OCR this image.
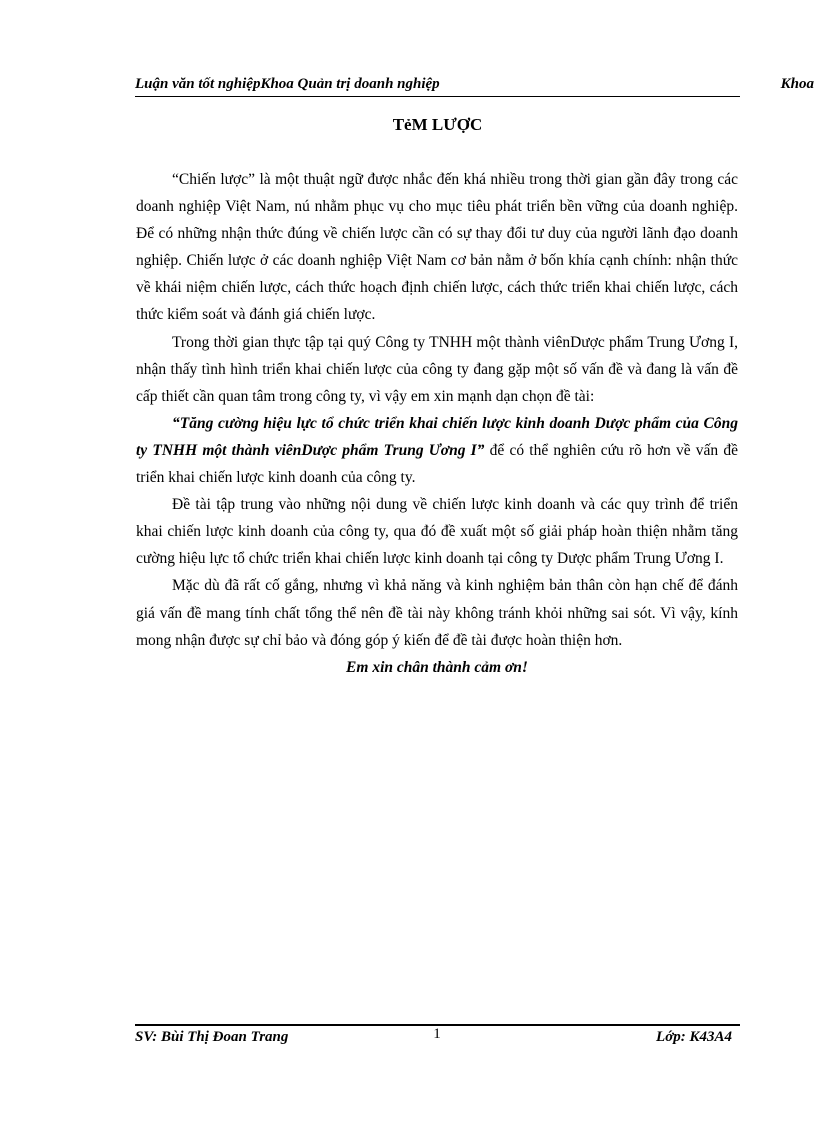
Luận văn tốt nghiệpKhoa Quản trị doanh nghiệp	Khoa
TẻM LƯỢC

“Chiến lược” là một thuật ngữ được nhắc đến khá nhiều trong thời gian gần đây trong các doanh nghiệp Việt Nam, nú nhằm phục vụ cho mục tiêu phát triển bền vững của doanh nghiệp. Để có những nhận thức đúng về chiến lược cần có sự thay đổi tư duy của người lãnh đạo doanh nghiệp. Chiến lược ở các doanh nghiệp Việt Nam cơ bản nằm ở bốn khía cạnh chính: nhận thức về khái niệm chiến lược, cách thức hoạch định chiến lược, cách thức triển khai chiến lược, cách thức kiểm soát và đánh giá chiến lược.

Trong thời gian thực tập tại quý Công ty TNHH một thành viênDược phẩm Trung Ương I, nhận thấy tình hình triển khai chiến lược của công ty đang gặp một số vấn đề và đang là vấn đề cấp thiết cần quan tâm trong công ty, vì vậy em xin mạnh dạn chọn đề tài:

“Tăng cường hiệu lực tổ chức triển khai chiến lược kinh doanh Dược phẩm của Công ty TNHH một thành viênDược phẩm Trung Ương I” để có thể nghiên cứu rõ hơn về vấn đề triển khai chiến lược kinh doanh của công ty.

Đề tài tập trung vào những nội dung về chiến lược kinh doanh và các quy trình để triển khai chiến lược kinh doanh của công ty, qua đó đề xuất một số giải pháp hoàn thiện nhằm tăng cường hiệu lực tổ chức triển khai chiến lược kinh doanh tại công ty Dược phẩm Trung Ương I.

Mặc dù đã rất cố gắng, nhưng vì khả năng và kinh nghiệm bản thân còn hạn chế để đánh giá vấn đề mang tính chất tổng thể nên đề tài này không tránh khỏi những sai sót. Vì vậy, kính mong nhận được sự chỉ bảo và đóng góp ý kiến để đề tài được hoàn thiện hơn.

Em xin chân thành cảm ơn!

SV: Bùi Thị Đoan Trang	1	Lớp: K43A4
